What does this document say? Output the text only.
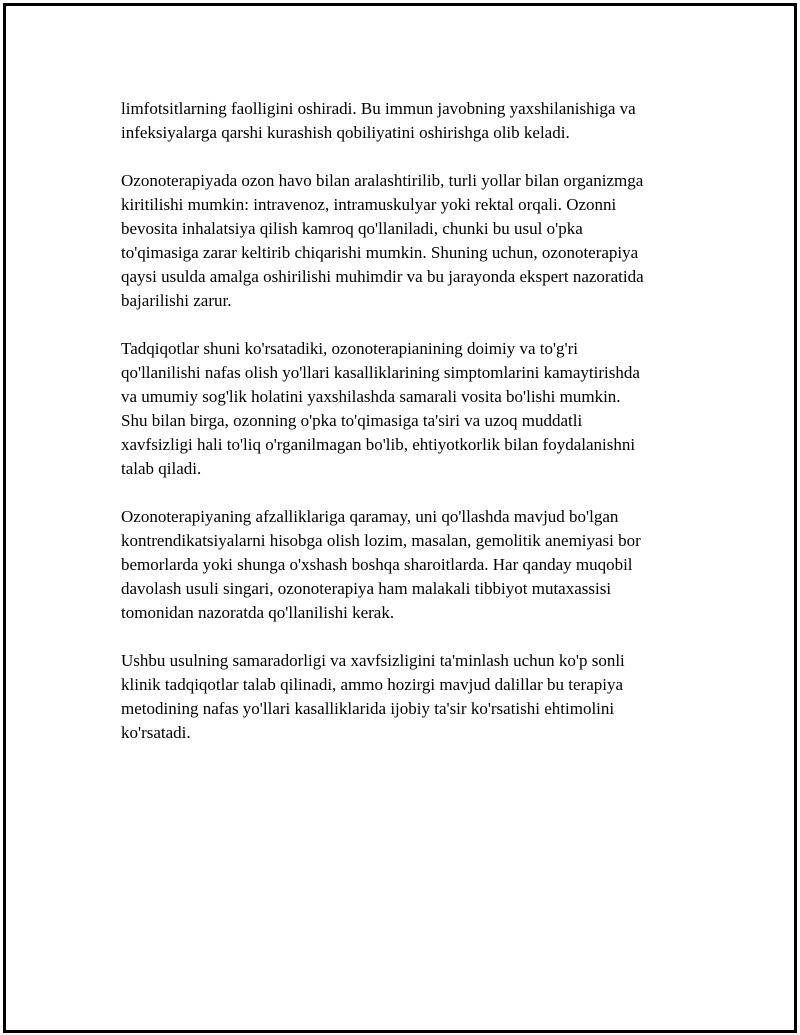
limfotsitlarning faolligini oshiradi. Bu immun javobning yaxshilanishiga va
infeksiyalarga qarshi kurashish qobiliyatini oshirishga olib keladi.

Ozonoterapiyada ozon havo bilan aralashtirilib, turli yollar bilan organizmga
kiritilishi mumkin: intravenoz, intramuskulyar yoki rektal orqali. Ozonni
bevosita inhalatsiya qilish kamroq qo'llaniladi, chunki bu usul o'pka
to'qimasiga zarar keltirib chiqarishi mumkin. Shuning uchun, ozonoterapiya
qaysi usulda amalga oshirilishi muhimdir va bu jarayonda ekspert nazoratida
bajarilishi zarur.

Tadqiqotlar shuni ko'rsatadiki, ozonoterapianining doimiy va to'g'ri
qo'llanilishi nafas olish yo'llari kasalliklarining simptomlarini kamaytirishda
va umumiy sog'lik holatini yaxshilashda samarali vosita bo'lishi mumkin.
Shu bilan birga, ozonning o'pka to'qimasiga ta'siri va uzoq muddatli
xavfsizligi hali to'liq o'rganilmagan bo'lib, ehtiyotkorlik bilan foydalanishni
talab qiladi.

Ozonoterapiyaning afzalliklariga qaramay, uni qo'llashda mavjud bo'lgan
kontrendikatsiyalarni hisobga olish lozim, masalan, gemolitik anemiyasi bor
bemorlarda yoki shunga o'xshash boshqa sharoitlarda. Har qanday muqobil
davolash usuli singari, ozonoterapiya ham malakali tibbiyot mutaxassisi
tomonidan nazoratda qo'llanilishi kerak.

Ushbu usulning samaradorligi va xavfsizligini ta'minlash uchun ko'p sonli
klinik tadqiqotlar talab qilinadi, ammo hozirgi mavjud dalillar bu terapiya
metodining nafas yo'llari kasalliklarida ijobiy ta'sir ko'rsatishi ehtimolini
ko'rsatadi.
